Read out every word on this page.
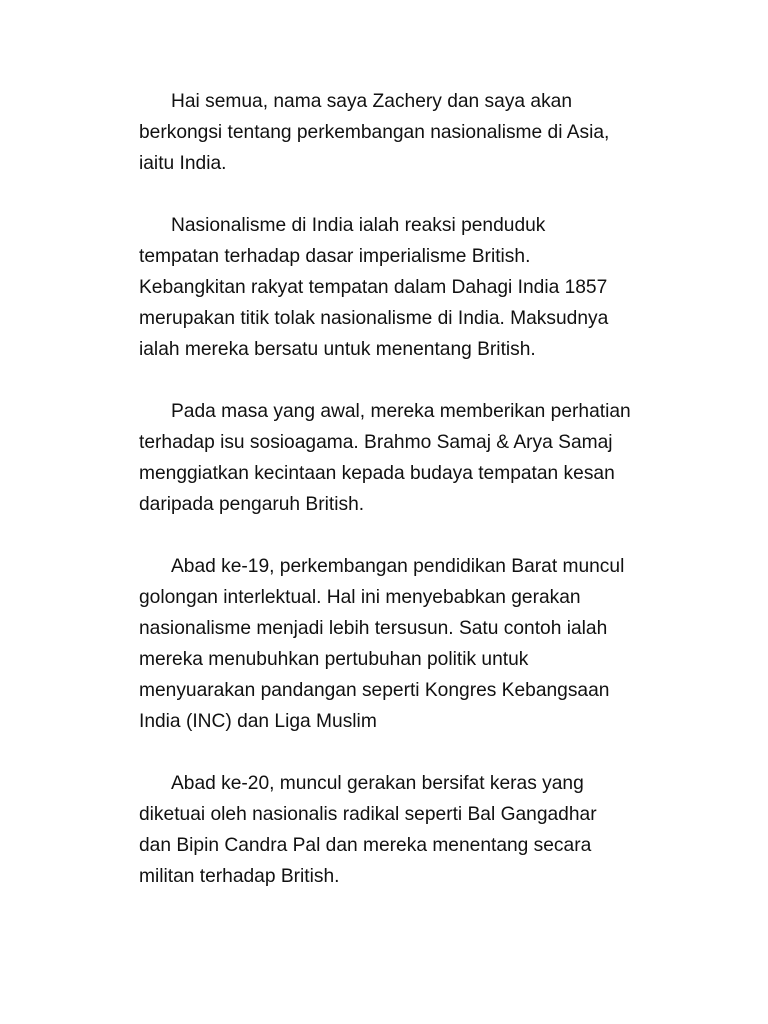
Hai semua, nama saya Zachery dan saya akan
berkongsi tentang perkembangan nasionalisme di Asia,
iaitu India.

Nasionalisme di India ialah reaksi penduduk
tempatan terhadap dasar imperialisme British.
Kebangkitan rakyat tempatan dalam Dahagi India 1857
merupakan titik tolak nasionalisme di India. Maksudnya
ialah mereka bersatu untuk menentang British.

Pada masa yang awal, mereka memberikan perhatian
terhadap isu sosioagama. Brahmo Samaj & Arya Samaj
menggiatkan kecintaan kepada budaya tempatan kesan
daripada pengaruh British.

Abad ke-19, perkembangan pendidikan Barat muncul
golongan interlektual. Hal ini menyebabkan gerakan
nasionalisme menjadi lebih tersusun. Satu contoh ialah
mereka menubuhkan pertubuhan politik untuk
menyuarakan pandangan seperti Kongres Kebangsaan
India (INC) dan Liga Muslim

Abad ke-20, muncul gerakan bersifat keras yang
diketuai oleh nasionalis radikal seperti Bal Gangadhar
dan Bipin Candra Pal dan mereka menentang secara
militan terhadap British.
